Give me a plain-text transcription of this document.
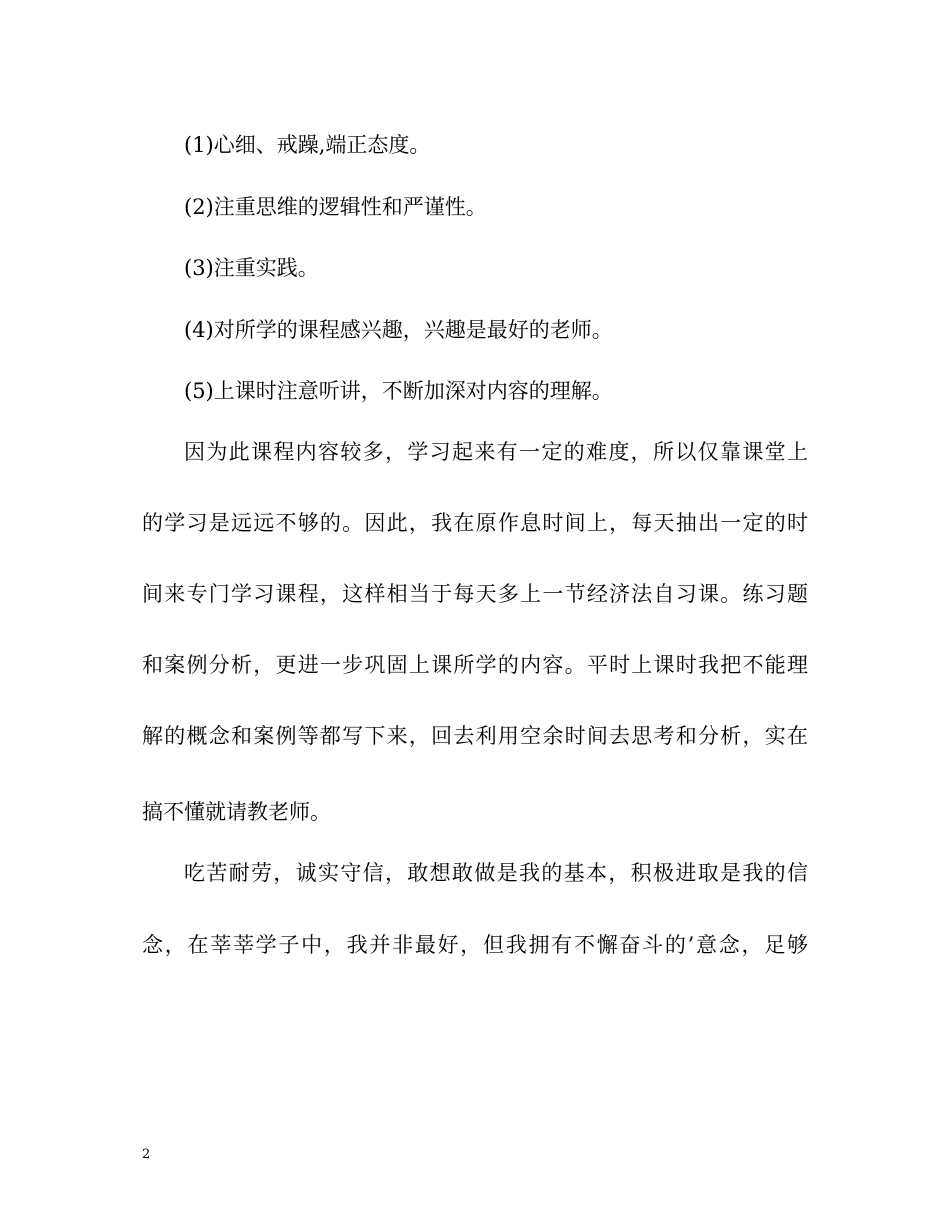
(1)心细、戒躁,端正态度。
(2)注重思维的逻辑性和严谨性。
(3)注重实践。
(4)对所学的课程感兴趣，兴趣是最好的老师。
(5)上课时注意听讲，不断加深对内容的理解。
因为此课程内容较多，学习起来有一定的难度，所以仅靠课堂上
的学习是远远不够的。因此，我在原作息时间上，每天抽出一定的时
间来专门学习课程，这样相当于每天多上一节经济法自习课。练习题
和案例分析，更进一步巩固上课所学的内容。平时上课时我把不能理
解的概念和案例等都写下来，回去利用空余时间去思考和分析，实在
搞不懂就请教老师。
吃苦耐劳，诚实守信，敢想敢做是我的基本，积极进取是我的信
念，在莘莘学子中，我并非最好，但我拥有不懈奋斗的’意念，足够
2
